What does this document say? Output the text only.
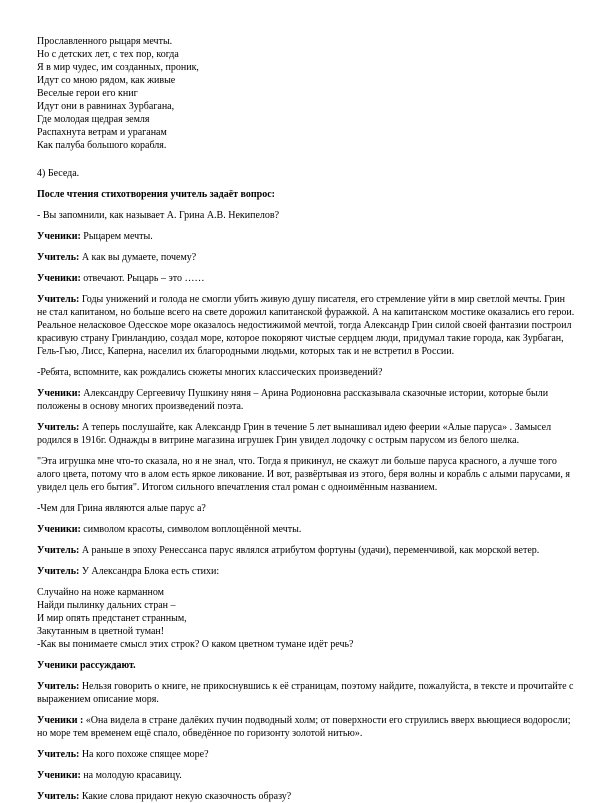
Прославленного рыцаря мечты.
Но с детских лет, с тех пор, когда
Я в мир чудес, им созданных, проник,
Идут со мною рядом, как живые
Веселые герои его книг
Идут они в равнинах Зурбагана,
Где молодая щедрая земля
Распахнута ветрам и ураганам
Как палуба большого корабля.

4) Беседа.

После чтения стихотворения учитель задаёт вопрос:

- Вы запомнили, как называет А. Грина А.В. Некипелов?

Ученики: Рыцарем мечты.

Учитель: А как вы думаете, почему?

Ученики: отвечают. Рыцарь – это ……

Учитель: Годы унижений и голода не смогли убить живую душу писателя, его стремление уйти в мир светлой мечты. Грин не стал капитаном, но больше всего на свете дорожил капитанской фуражкой. А на капитанском мостике оказались его герои. Реальное нелaсковое Одесское море оказалось недостижимой мечтой, тогда Александр Грин силой своей фантазии построил красивую страну Гринландию, создал море, которое покоряют чистые сердцем люди, придумал такие города, как Зурбаган, Гель-Гью, Лисс, Каперна, населил их благородными людьми, которых так и не встретил в России.

-Ребята, вспомните, как рождались сюжеты многих классических произведений?

Ученики: Александру Сергеевичу Пушкину няня – Арина Родионовна рассказывала сказочные истории, которые были положены в основу многих произведений поэта.

Учитель: А теперь послушайте, как Александр Грин в течение 5 лет вынашивал идею феерии «Алые паруса» . Замысел родился в 1916г. Однажды в витрине магазина игрушек Грин увидел лодочку с острым парусом из белого шелка.

"Эта игрушка мне что-то сказала, но я не знал, что. Тогда я прикинул, не скажут ли больше паруса красного, а лучше того алого цвета, потому что в алом есть яркое ликование. И вот, развёртывая из этого, беря волны и корабль с алыми парусами, я увидел цель его бытия". Итогом сильного впечатления стал роман с одноимённым названием.

-Чем для Грина являются алые парус а?

Ученики: символом красоты, символом воплощённой мечты.

Учитель: А раньше в эпоху Ренессанса парус являлся атрибутом фортуны (удачи), переменчивой, как морской ветер.

Учитель: У Александра Блока есть стихи:

Случайно на ноже карманном
Найди пылинку дальних стран –
И мир опять предстанет странным,
Закутанным в цветной туман!
-Как вы понимаете смысл этих строк? О каком цветном тумане идёт речь?

Ученики рассуждают.

Учитель: Нельзя говорить о книге, не прикоснувшись к её страницам, поэтому найдите, пожалуйста, в тексте и прочитайте с выражением описание моря.

Ученики : «Она видела в стране далёких пучин подводный холм; от поверхности его струились вверх вьющиеся водоросли; но море тем временем ещё спало, обведённое по горизонту золотой нитью».

Учитель: На кого похоже спящее море?

Ученики: на молодую красавицу.

Учитель: Какие слова придают некую сказочность образу?
